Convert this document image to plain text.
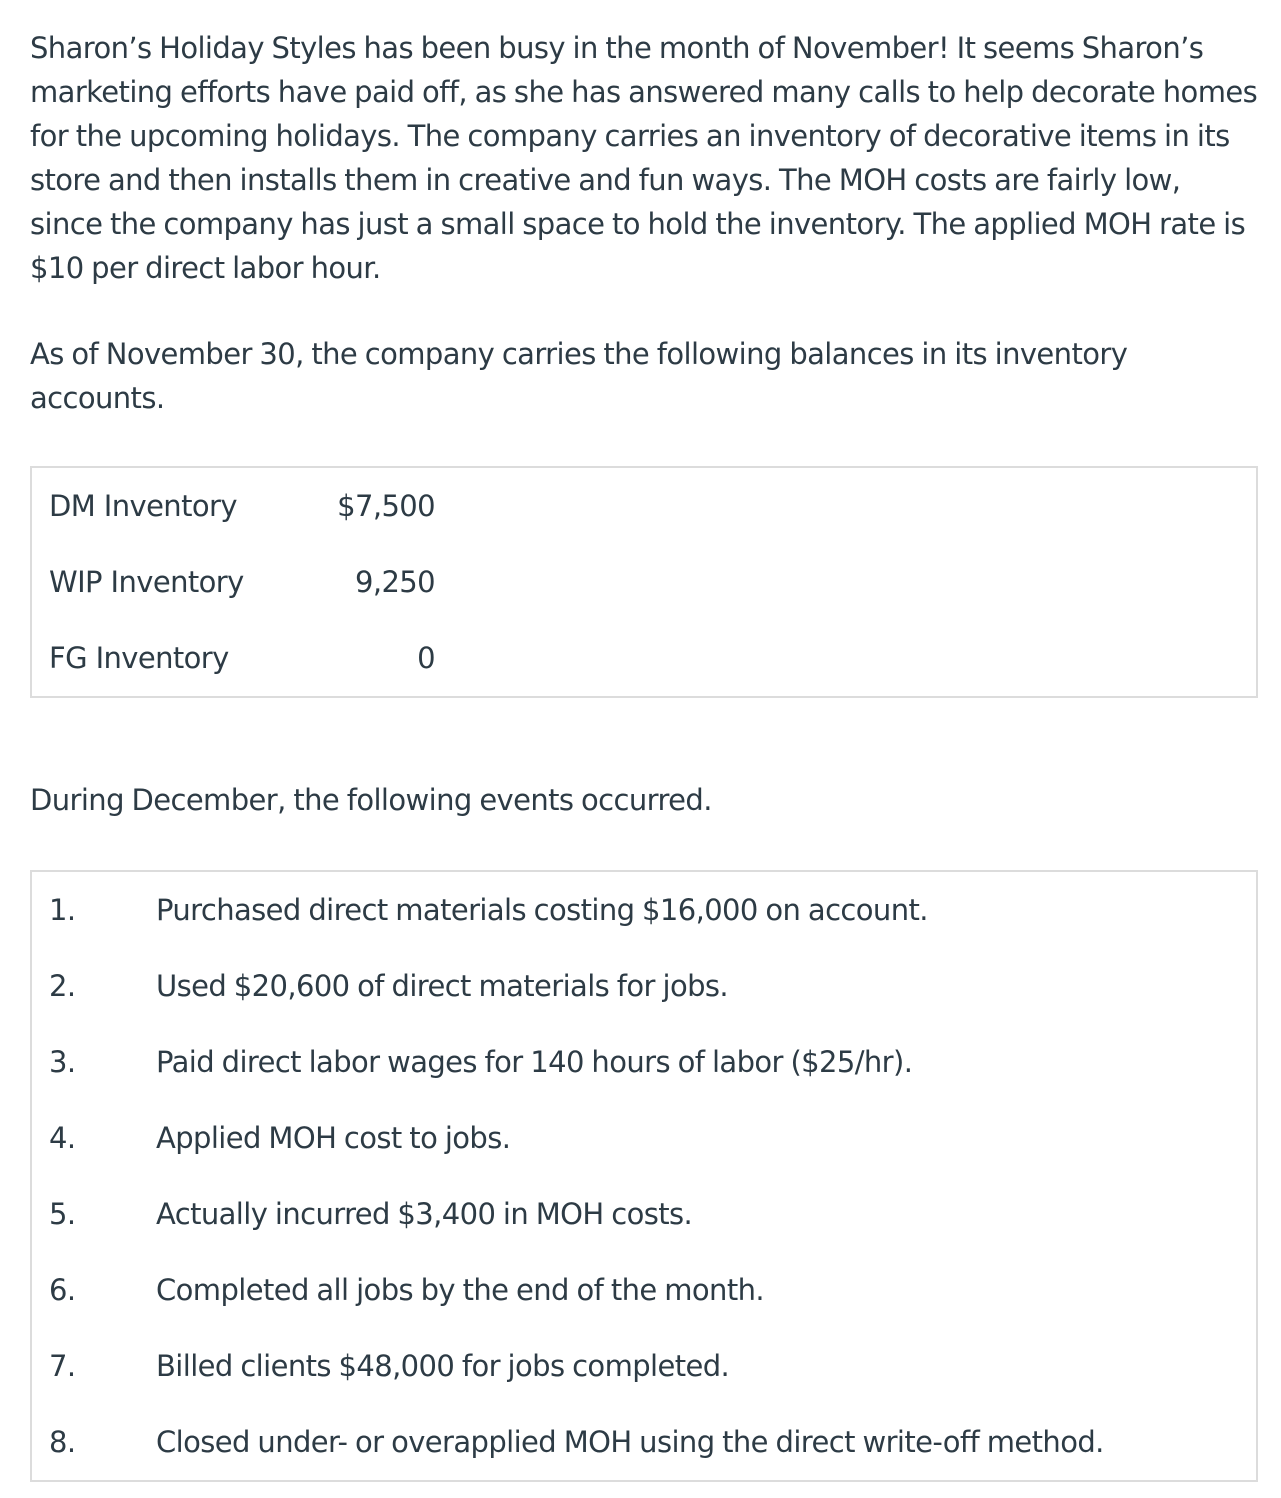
Sharon’s Holiday Styles has been busy in the month of November! It seems Sharon’s marketing efforts have paid off, as she has answered many calls to help decorate homes for the upcoming holidays. The company carries an inventory of decorative items in its store and then installs them in creative and fun ways. The MOH costs are fairly low, since the company has just a small space to hold the inventory. The applied MOH rate is $10 per direct labor hour.

As of November 30, the company carries the following balances in its inventory accounts.

DM Inventory	$7,500
WIP Inventory	9,250
FG Inventory	0

During December, the following events occurred.

1.	Purchased direct materials costing $16,000 on account.
2.	Used $20,600 of direct materials for jobs.
3.	Paid direct labor wages for 140 hours of labor ($25/hr).
4.	Applied MOH cost to jobs.
5.	Actually incurred $3,400 in MOH costs.
6.	Completed all jobs by the end of the month.
7.	Billed clients $48,000 for jobs completed.
8.	Closed under- or overapplied MOH using the direct write-off method.
